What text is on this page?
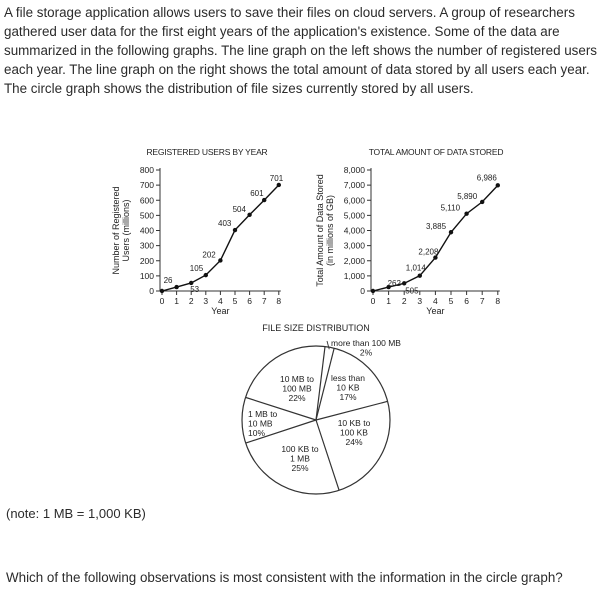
A file storage application allows users to save their files on cloud servers. A group of researchers gathered user data for the first eight years of the application's existence. Some of the data are summarized in the following graphs. The line graph on the left shows the number of registered users each year. The line graph on the right shows the total amount of data stored by all users each year. The circle graph shows the distribution of file sizes currently stored by all users.

REGISTERED USERS BY YEAR
0
100
200
300
400
500
600
700
800
0 1 2 3 4 5 6 7 8
Year
Number of Registered Users (millions)
26
53
105
202
403
504
601
701
TOTAL AMOUNT OF DATA STORED
0
1,000
2,000
3,000
4,000
5,000
6,000
7,000
8,000
0 1 2 3 4 5 6 7 8
Year
Total Amount of Data Stored (in millions of GB)
262
505
1,014
2,208
3,885
5,110
5,890
6,986
FILE SIZE DISTRIBUTION
more than 100 MB
2%
less than
10 KB
17%
10 KB to
100 KB
24%
100 KB to
1 MB
25%
1 MB to
10 MB
10%
10 MB to
100 MB
22%
(note: 1 MB = 1,000 KB)
Which of the following observations is most consistent with the information in the circle graph?
